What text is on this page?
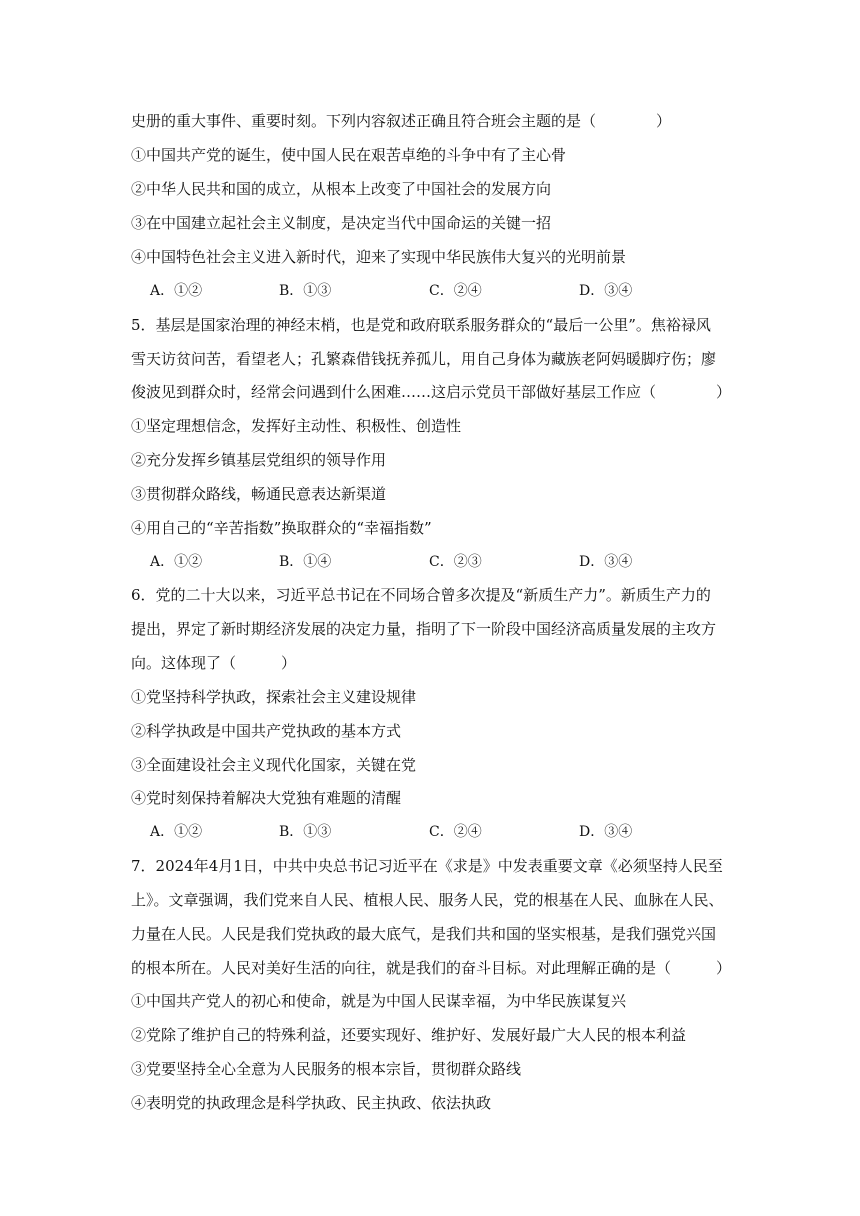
史册的重大事件、重要时刻。下列内容叙述正确且符合班会主题的是（　　　　）
①中国共产党的诞生，使中国人民在艰苦卓绝的斗争中有了主心骨
②中华人民共和国的成立，从根本上改变了中国社会的发展方向
③在中国建立起社会主义制度，是决定当代中国命运的关键一招
④中国特色社会主义进入新时代，迎来了实现中华民族伟大复兴的光明前景
A．①②	B．①③	C．②④	D．③④
5．基层是国家治理的神经末梢，也是党和政府联系服务群众的“最后一公里”。焦裕禄风
雪天访贫问苦，看望老人；孔繁森借钱抚养孤儿，用自己身体为藏族老阿妈暖脚疗伤；廖
俊波见到群众时，经常会问遇到什么困难……这启示党员干部做好基层工作应（　　　　）
①坚定理想信念，发挥好主动性、积极性、创造性
②充分发挥乡镇基层党组织的领导作用
③贯彻群众路线，畅通民意表达新渠道
④用自己的“辛苦指数”换取群众的“幸福指数”
A．①②	B．①④	C．②③	D．③④
6．党的二十大以来，习近平总书记在不同场合曾多次提及“新质生产力”。新质生产力的
提出，界定了新时期经济发展的决定力量，指明了下一阶段中国经济高质量发展的主攻方
向。这体现了（　　　）
①党坚持科学执政，探索社会主义建设规律
②科学执政是中国共产党执政的基本方式
③全面建设社会主义现代化国家，关键在党
④党时刻保持着解决大党独有难题的清醒
A．①②	B．①③	C．②④	D．③④
7．2024年4月1日，中共中央总书记习近平在《求是》中发表重要文章《必须坚持人民至
上》。文章强调，我们党来自人民、植根人民、服务人民，党的根基在人民、血脉在人民、
力量在人民。人民是我们党执政的最大底气，是我们共和国的坚实根基，是我们强党兴国
的根本所在。人民对美好生活的向往，就是我们的奋斗目标。对此理解正确的是（　　　）
①中国共产党人的初心和使命，就是为中国人民谋幸福，为中华民族谋复兴
②党除了维护自己的特殊利益，还要实现好、维护好、发展好最广大人民的根本利益
③党要坚持全心全意为人民服务的根本宗旨，贯彻群众路线
④表明党的执政理念是科学执政、民主执政、依法执政
